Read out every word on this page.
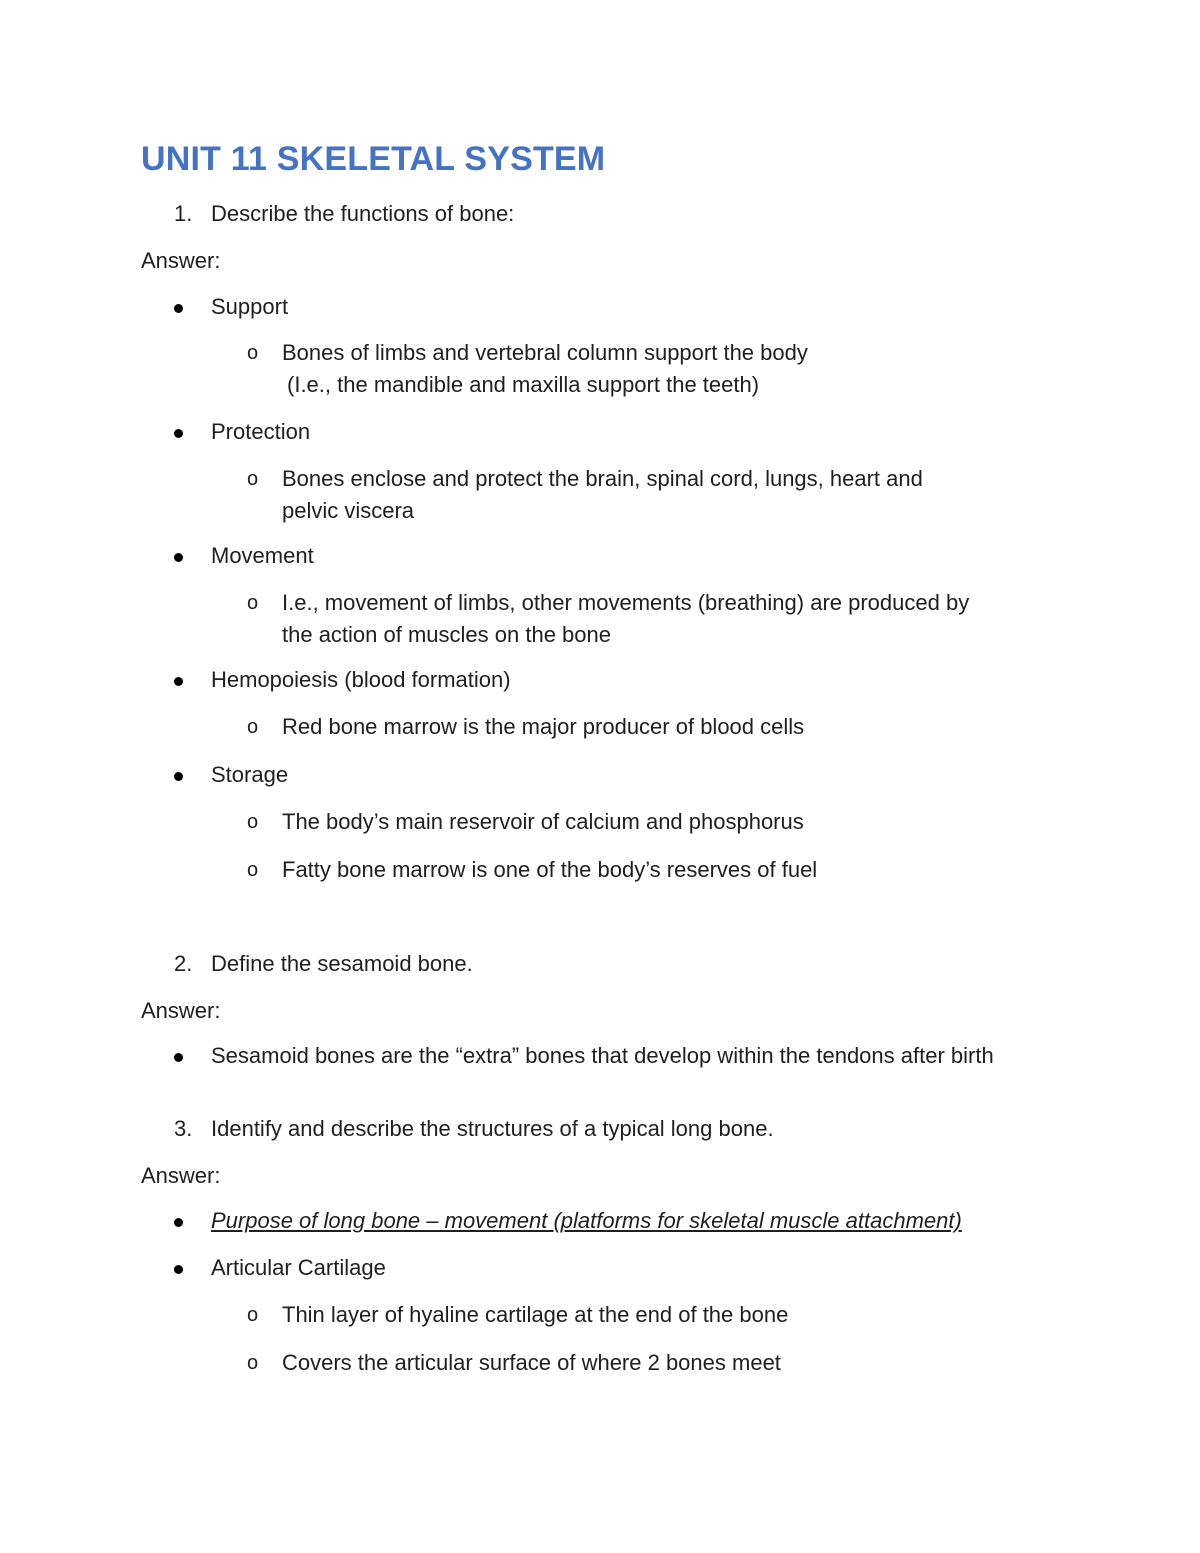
UNIT 11 SKELETAL SYSTEM
1. Describe the functions of bone:
Answer:
Support
o Bones of limbs and vertebral column support the body
(I.e., the mandible and maxilla support the teeth)
Protection
o Bones enclose and protect the brain, spinal cord, lungs, heart and
pelvic viscera
Movement
o I.e., movement of limbs, other movements (breathing) are produced by
the action of muscles on the bone
Hemopoiesis (blood formation)
o Red bone marrow is the major producer of blood cells
Storage
o The body’s main reservoir of calcium and phosphorus
o Fatty bone marrow is one of the body’s reserves of fuel
2. Define the sesamoid bone.
Answer:
Sesamoid bones are the “extra” bones that develop within the tendons after birth
3. Identify and describe the structures of a typical long bone.
Answer:
Purpose of long bone – movement (platforms for skeletal muscle attachment)
Articular Cartilage
o Thin layer of hyaline cartilage at the end of the bone
o Covers the articular surface of where 2 bones meet
